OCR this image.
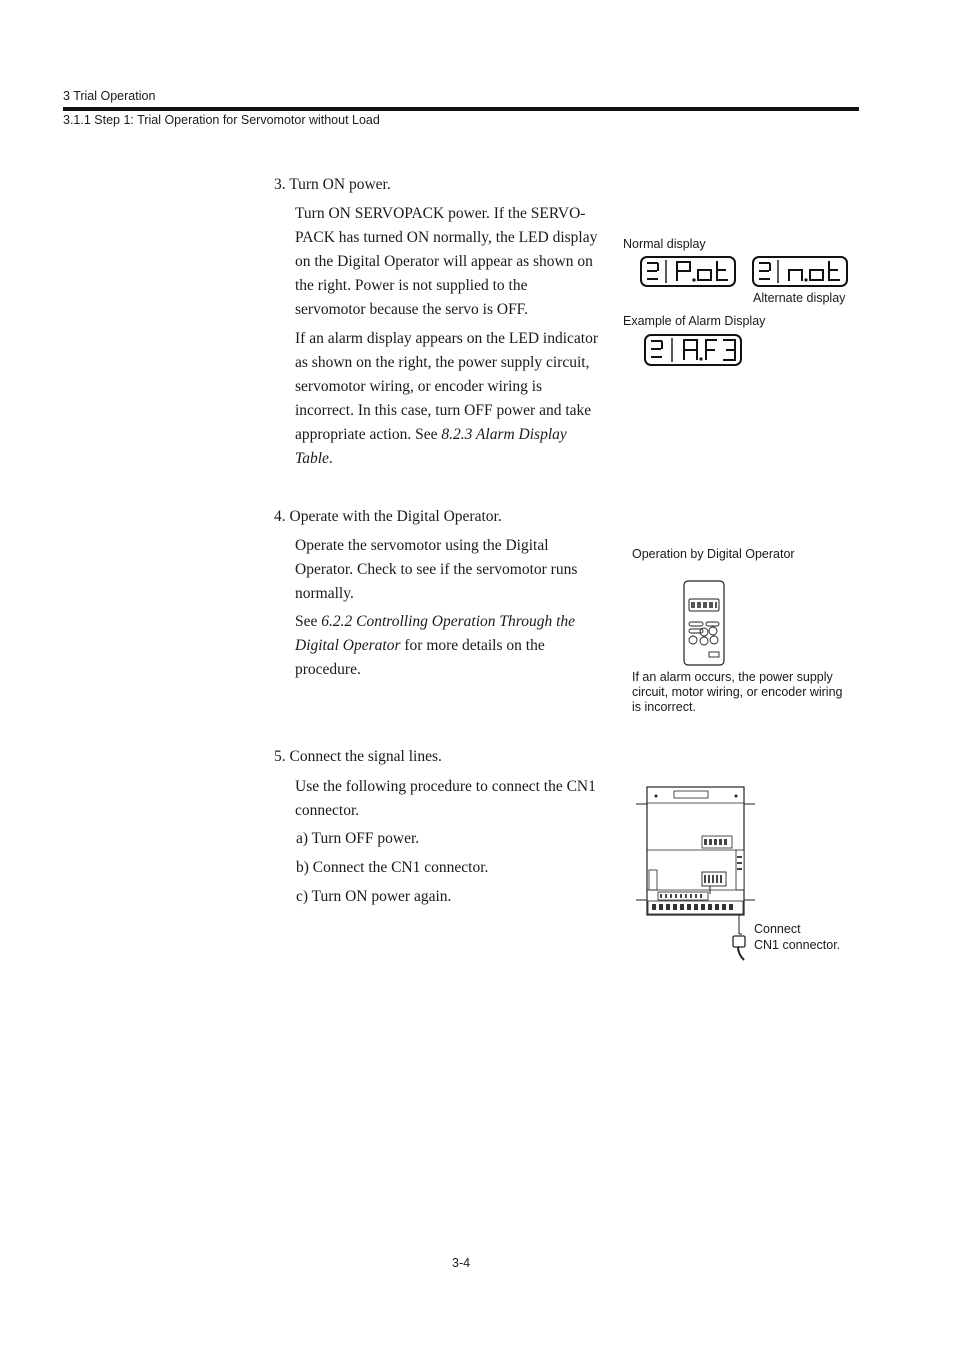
3 Trial Operation
3.1.1 Step 1: Trial Operation for Servomotor without Load
3. Turn ON power.
Turn ON SERVOPACK power. If the SERVO-PACK has turned ON normally, the LED display on the Digital Operator will appear as shown on the right. Power is not supplied to the servomotor because the servo is OFF.
If an alarm display appears on the LED indicator as shown on the right, the power supply circuit, servomotor wiring, or encoder wiring is incorrect. In this case, turn OFF power and take appropriate action. See 8.2.3 Alarm Display Table.
Normal display
Alternate display
Example of Alarm Display
4. Operate with the Digital Operator.
Operate the servomotor using the Digital Operator. Check to see if the servomotor runs normally.
See 6.2.2 Controlling Operation Through the Digital Operator for more details on the procedure.
Operation by Digital Operator
If an alarm occurs, the power supply circuit, motor wiring, or encoder wiring is incorrect.
5. Connect the signal lines.
Use the following procedure to connect the CN1 connector.
a) Turn OFF power.
b) Connect the CN1 connector.
c) Turn ON power again.
Connect
CN1 connector.
3-4
